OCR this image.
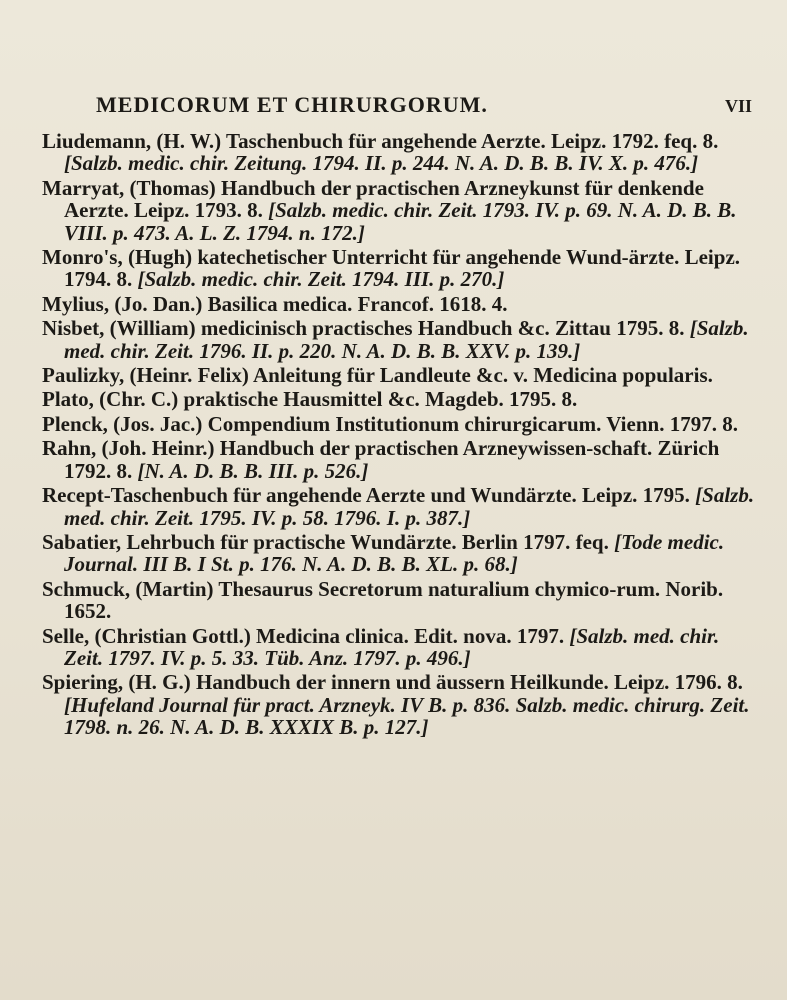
MEDICORUM ET CHIRURGORUM.	VII

Liudemann, (H. W.) Taschenbuch für angehende Aerzte. Leipz. 1792. feq. 8. [Salzb. medic. chir. Zeitung. 1794. II. p. 244. N. A. D. B. B. IV. X. p. 476.]

Marryat, (Thomas) Handbuch der practischen Arzneykunst für denkende Aerzte. Leipz. 1793. 8. [Salzb. medic. chir. Zeit. 1793. IV. p. 69. N. A. D. B. B. VIII. p. 473. A. L. Z. 1794. n. 172.]

Monro's, (Hugh) katechetischer Unterricht für angehende Wund-ärzte. Leipz. 1794. 8. [Salzb. medic. chir. Zeit. 1794. III. p. 270.]

Mylius, (Jo. Dan.) Basilica medica. Francof. 1618. 4.

Nisbet, (William) medicinisch practisches Handbuch &c. Zittau 1795. 8. [Salzb. med. chir. Zeit. 1796. II. p. 220. N. A. D. B. B. XXV. p. 139.]

Paulizky, (Heinr. Felix) Anleitung für Landleute &c. v. Medicina popularis.

Plato, (Chr. C.) praktische Hausmittel &c. Magdeb. 1795. 8.

Plenck, (Jos. Jac.) Compendium Institutionum chirurgicarum. Vienn. 1797. 8.

Rahn, (Joh. Heinr.) Handbuch der practischen Arzneywissen-schaft. Zürich 1792. 8. [N. A. D. B. B. III. p. 526.]

Recept-Taschenbuch für angehende Aerzte und Wundärzte. Leipz. 1795. [Salzb. med. chir. Zeit. 1795. IV. p. 58. 1796. I. p. 387.]

Sabatier, Lehrbuch für practische Wundärzte. Berlin 1797. feq. [Tode medic. Journal. III B. I St. p. 176. N. A. D. B. B. XL. p. 68.]

Schmuck, (Martin) Thesaurus Secretorum naturalium chymico-rum. Norib. 1652.

Selle, (Christian Gottl.) Medicina clinica. Edit. nova. 1797. [Salzb. med. chir. Zeit. 1797. IV. p. 5. 33. Tüb. Anz. 1797. p. 496.]

Spiering, (H. G.) Handbuch der innern und äussern Heilkunde. Leipz. 1796. 8. [Hufeland Journal für pract. Arzneyk. IV B. p. 836. Salzb. medic. chirurg. Zeit. 1798. n. 26. N. A. D. B. XXXIX B. p. 127.]
